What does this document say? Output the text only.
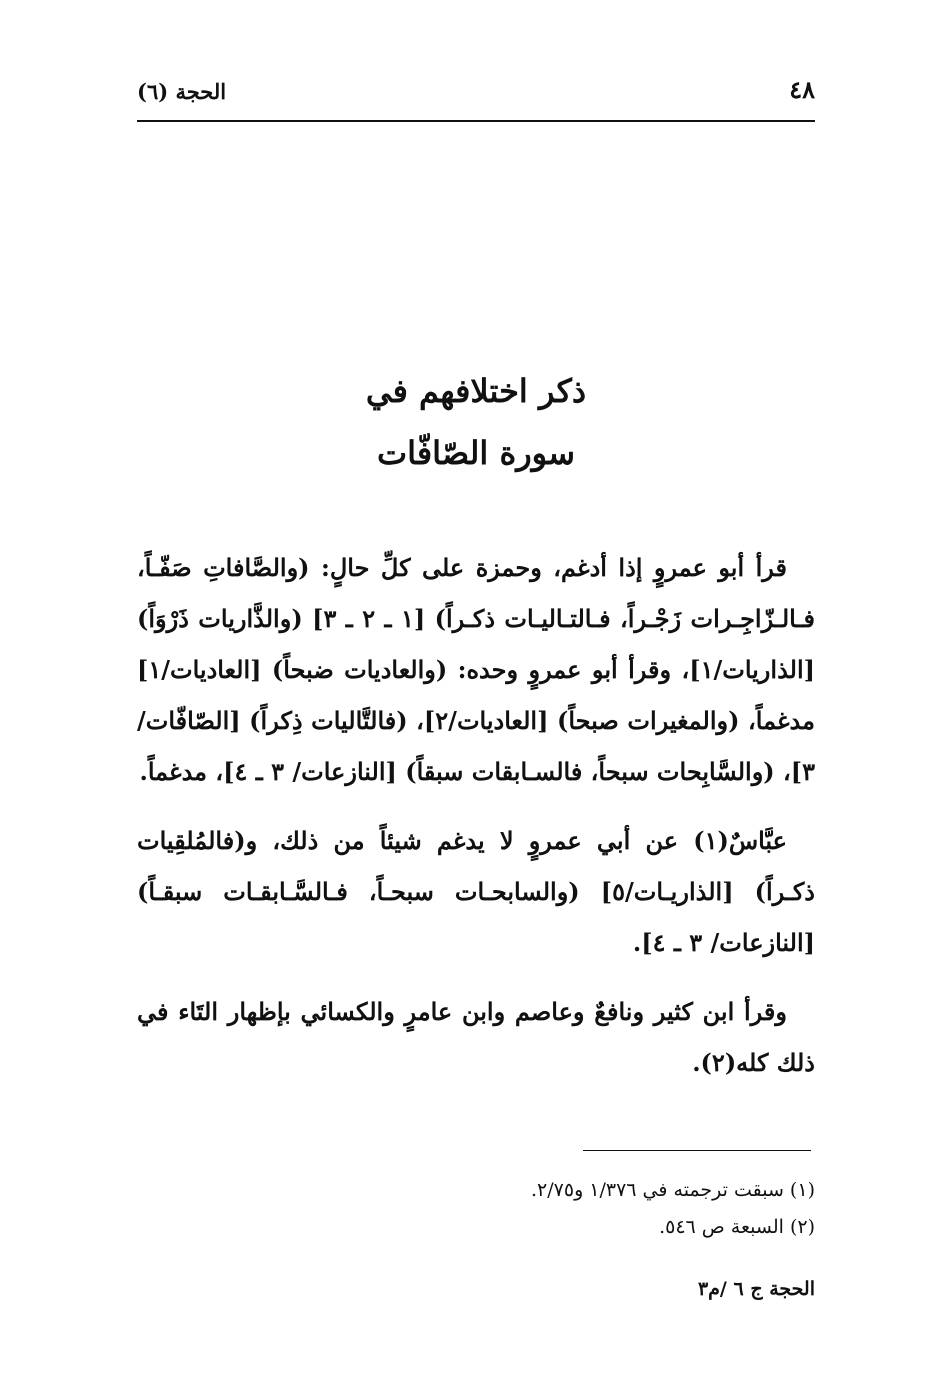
٤٨
الحجة (٦)
ذكر اختلافهم في
سورة الصّافّات

قرأ أبو عمروٍ إذا أدغم، وحمزة على كلِّ حالٍ: (والصَّافاتِ صَفّـاً، فـالـزّاجِـرات زَجْـراً، فـالتـاليـات ذكـراً) [١ ـ ٢ ـ ٣] (والذَّاريات ذَرْوَاً) [الذاريات/١]، وقرأ أبو عمروٍ وحده: (والعاديات ضبحاً) [العاديات/١] مدغماً، (والمغيرات صبحاً) [العاديات/٢]، (فالتَّاليات ذِكراً) [الصّافّات/٣]، (والسَّابِحات سبحاً، فالسـابقات سبقاً) [النازعات/ ٣ ـ ٤]، مدغماً.

عبَّاسٌ(١) عن أبي عمروٍ لا يدغم شيئاً من ذلك، و(فالمُلقِيات ذكـراً) [الذاريـات/٥] (والسابحـات سبحـاً، فـالسَّـابقـات سبقـاً) [النازعات/ ٣ ـ ٤].

وقرأ ابن كثير ونافعٌ وعاصم وابن عامرٍ والكسائي بإظهار التَاء في ذلك كله(٢).

(١) سبقت ترجمته في ١/٣٧٦ و٢/٧٥.
(٢) السبعة ص ٥٤٦.
الحجة ج ٦ /م٣
